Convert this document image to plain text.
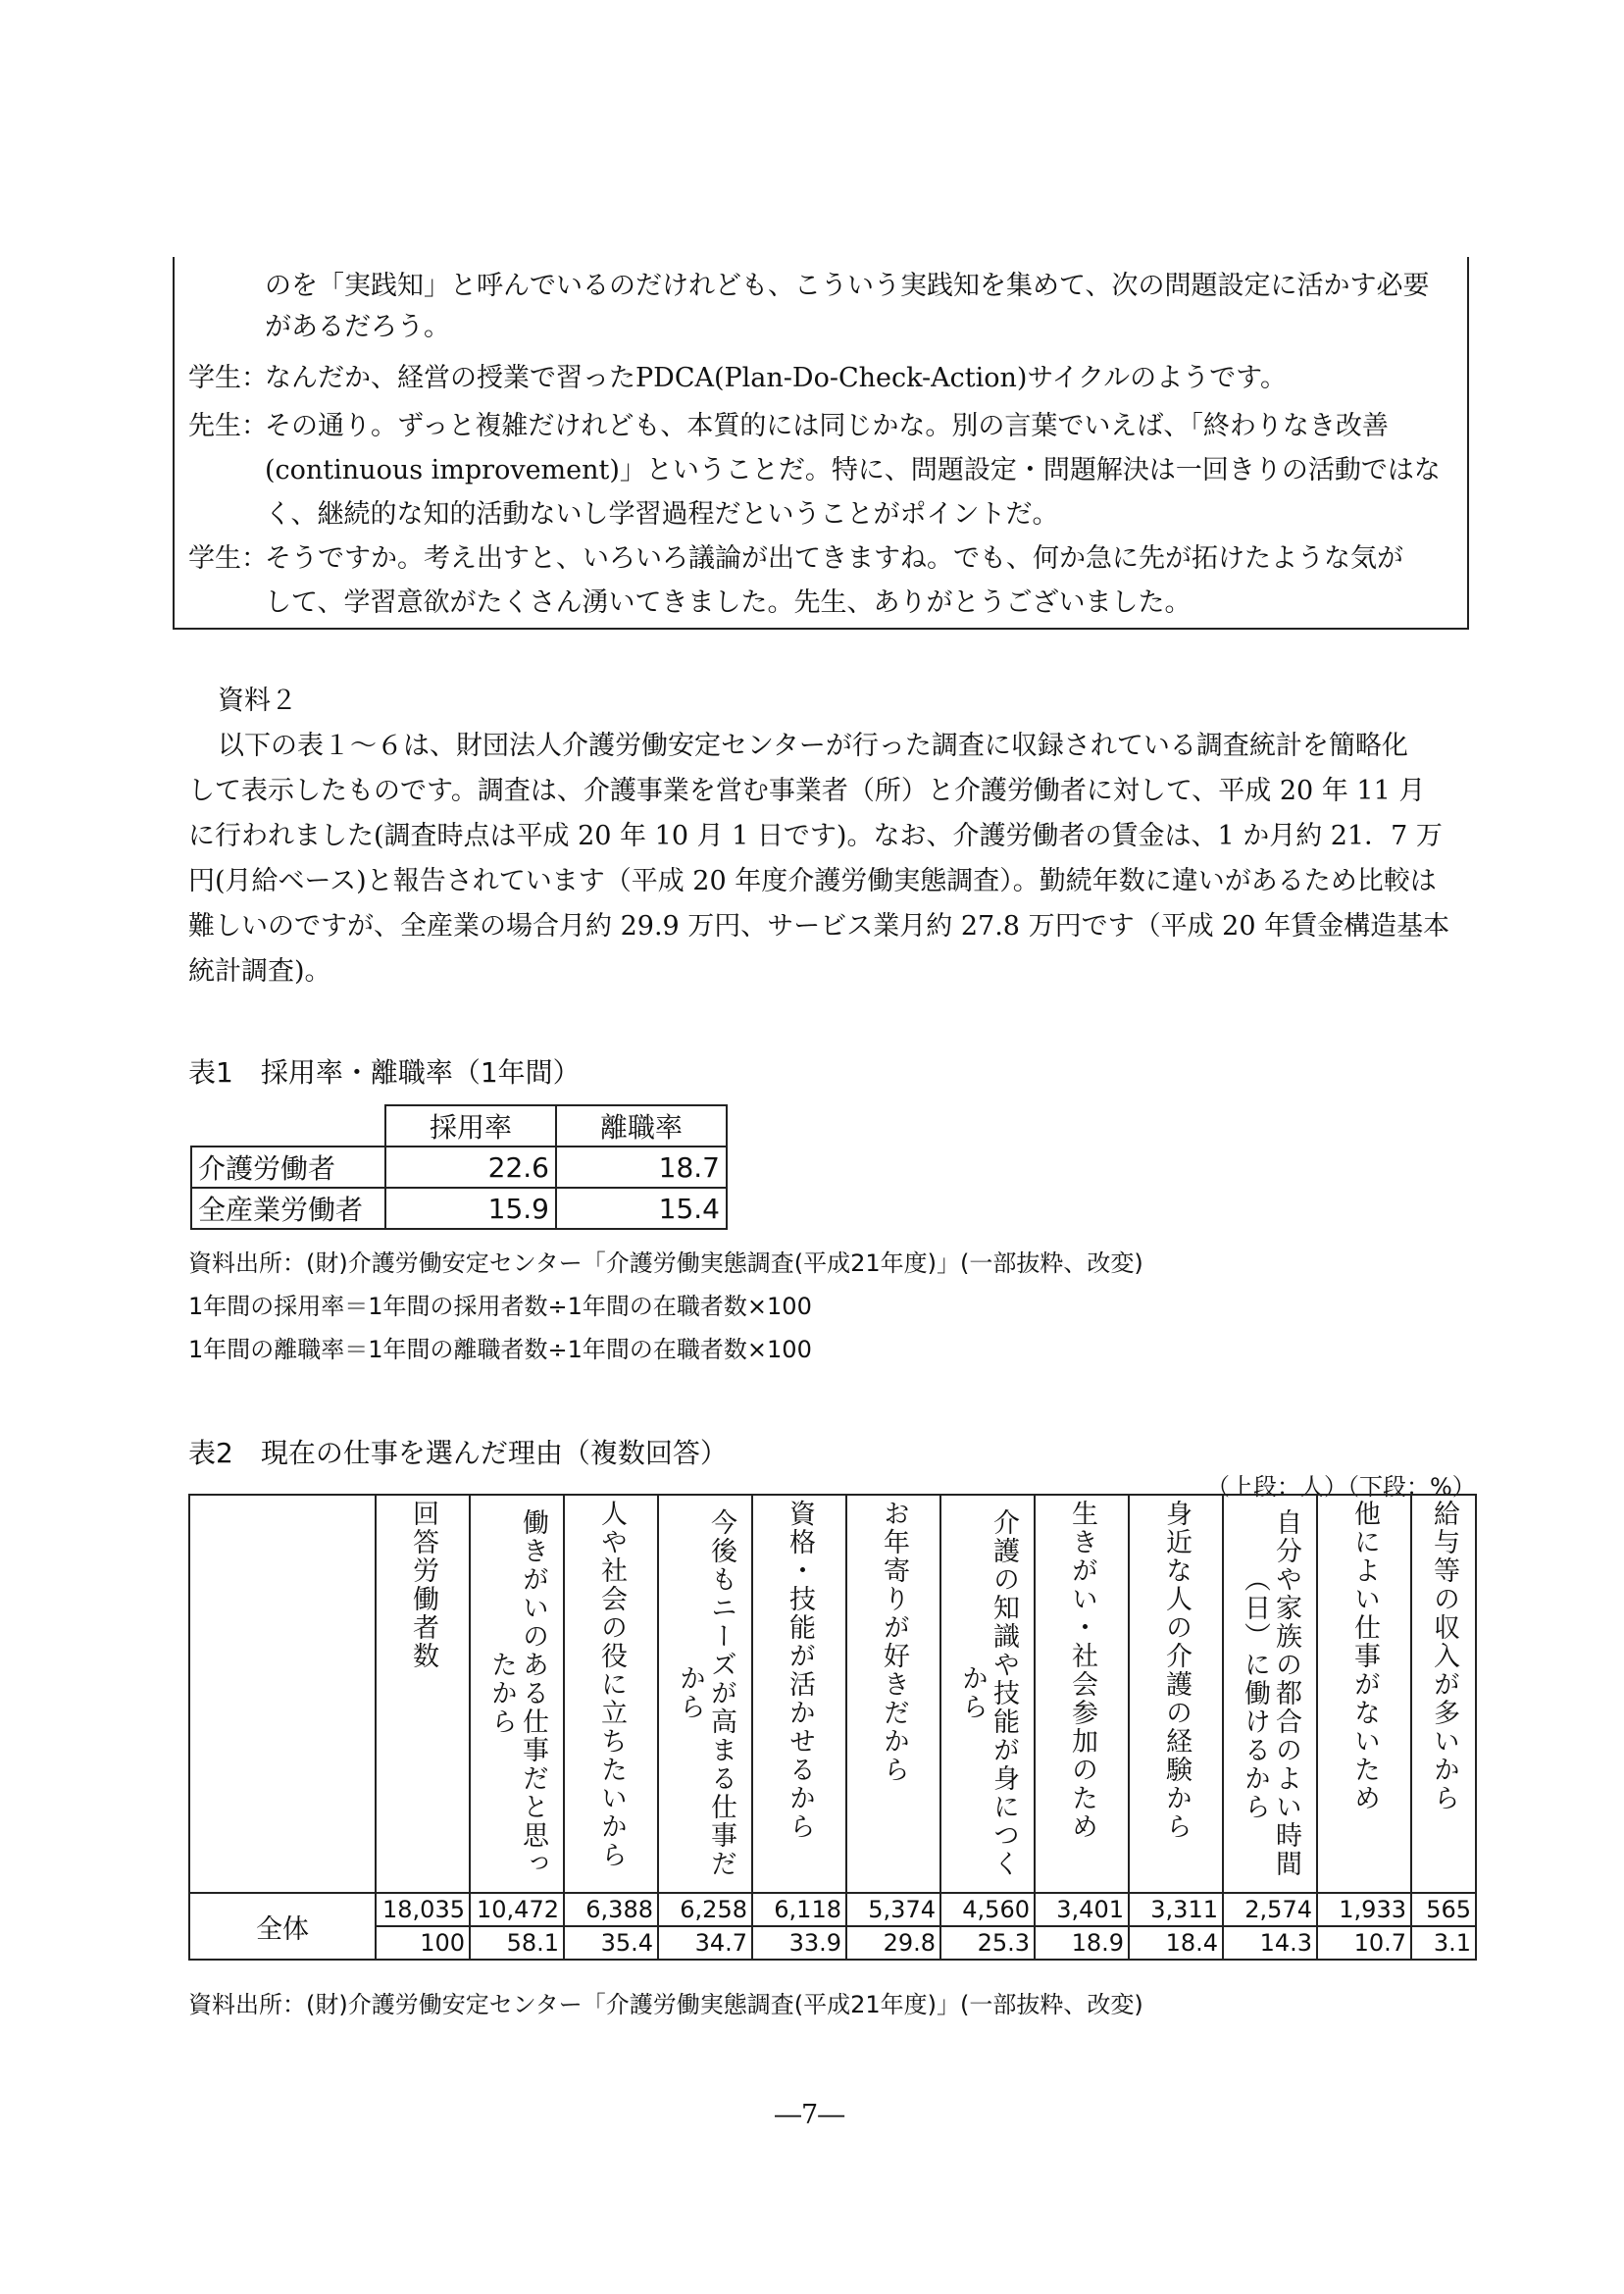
のを「実践知」と呼んでいるのだけれども、こういう実践知を集めて、次の問題設定に活かす必要
があるだろう。
学生：
なんだか、経営の授業で習ったPDCA(Plan-Do-Check-Action)サイクルのようです。
先生：
その通り。ずっと複雑だけれども、本質的には同じかな。別の言葉でいえば、「終わりなき改善
(continuous improvement)」ということだ。特に、問題設定・問題解決は一回きりの活動ではな
く、継続的な知的活動ないし学習過程だということがポイントだ。
学生：
そうですか。考え出すと、いろいろ議論が出てきますね。でも、何か急に先が拓けたような気が
して、学習意欲がたくさん湧いてきました。先生、ありがとうございました。
資料２
以下の表１～６は、財団法人介護労働安定センターが行った調査に収録されている調査統計を簡略化
して表示したものです。調査は、介護事業を営む事業者（所）と介護労働者に対して、平成 20 年 11 月
に行われました(調査時点は平成 20 年 10 月 1 日です)。なお、介護労働者の賃金は、1 か月約 21．7 万
円(月給ベース)と報告されています（平成 20 年度介護労働実態調査）。勤続年数に違いがあるため比較は
難しいのですが、全産業の場合月約 29.9 万円、サービス業月約 27.8 万円です（平成 20 年賃金構造基本
統計調査)。
表1　採用率・離職率（1年間）
	採用率	離職率
介護労働者	22.6	18.7
全産業労働者	15.9	15.4
資料出所：(財)介護労働安定センター「介護労働実態調査(平成21年度)」(一部抜粋、改変)
1年間の採用率＝1年間の採用者数÷1年間の在職者数×100
1年間の離職率＝1年間の離職者数÷1年間の在職者数×100
表2　現在の仕事を選んだ理由（複数回答）
（上段：人）（下段：%）
	回答労働者数	働きがいのある仕事だと思ったから	人や社会の役に立ちたいから	今後もニーズが高まる仕事だから	資格・技能が活かせるから	お年寄りが好きだから	介護の知識や技能が身につくから	生きがい・社会参加のため	身近な人の介護の経験から	自分や家族の都合のよい時間（日）に働けるから	他によい仕事がないため	給与等の収入が多いから
全体	18,035	10,472	6,388	6,258	6,118	5,374	4,560	3,401	3,311	2,574	1,933	565
	100	58.1	35.4	34.7	33.9	29.8	25.3	18.9	18.4	14.3	10.7	3.1
資料出所：(財)介護労働安定センター「介護労働実態調査(平成21年度)」(一部抜粋、改変)
―7―
